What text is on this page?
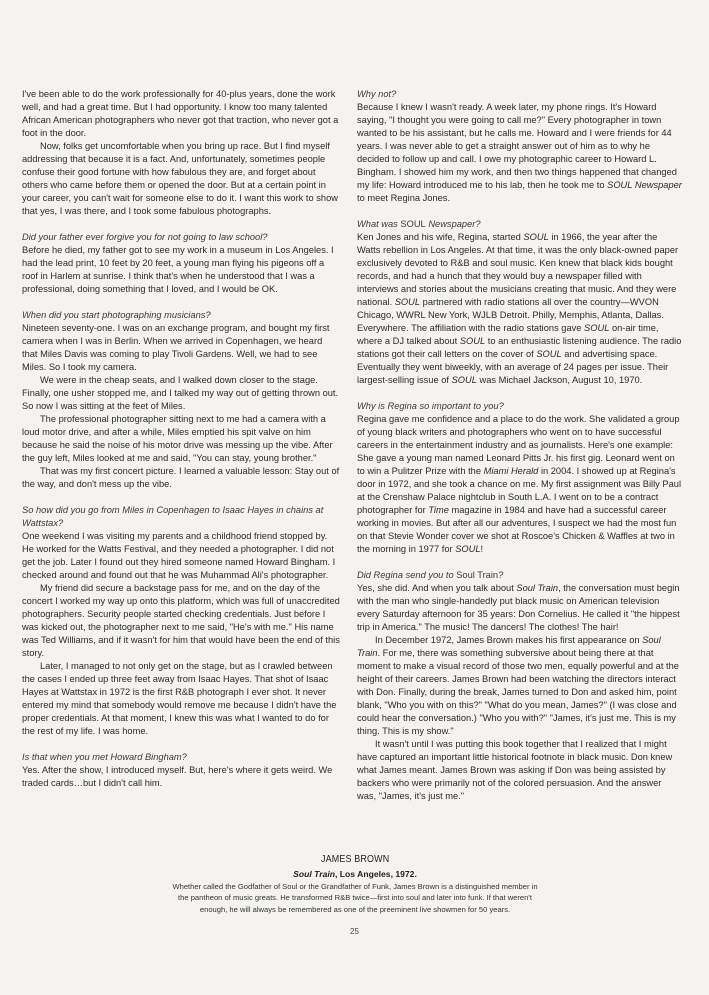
I've been able to do the work professionally for 40-plus years, done the work well, and had a great time. But I had opportunity. I know too many talented African American photographers who never got that traction, who never got a foot in the door.

Now, folks get uncomfortable when you bring up race. But I find myself addressing that because it is a fact. And, unfortunately, sometimes people confuse their good fortune with how fabulous they are, and forget about others who came before them or opened the door. But at a certain point in your career, you can't wait for someone else to do it. I want this work to show that yes, I was there, and I took some fabulous photographs.

Did your father ever forgive you for not going to law school?

Before he died, my father got to see my work in a museum in Los Angeles. I had the lead print, 10 feet by 20 feet, a young man flying his pigeons off a roof in Harlem at sunrise. I think that's when he understood that I was a professional, doing something that I loved, and I would be OK.

When did you start photographing musicians?

Nineteen seventy-one. I was on an exchange program, and bought my first camera when I was in Berlin. When we arrived in Copenhagen, we heard that Miles Davis was coming to play Tivoli Gardens. Well, we had to see Miles. So I took my camera.

We were in the cheap seats, and I walked down closer to the stage. Finally, one usher stopped me, and I talked my way out of getting thrown out. So now I was sitting at the feet of Miles.

The professional photographer sitting next to me had a camera with a loud motor drive, and after a while, Miles emptied his spit valve on him because he said the noise of his motor drive was messing up the vibe. After the guy left, Miles looked at me and said, "You can stay, young brother."

That was my first concert picture. I learned a valuable lesson: Stay out of the way, and don't mess up the vibe.

So how did you go from Miles in Copenhagen to Isaac Hayes in chains at Wattstax?

One weekend I was visiting my parents and a childhood friend stopped by. He worked for the Watts Festival, and they needed a photographer. I did not get the job. Later I found out they hired someone named Howard Bingham. I checked around and found out that he was Muhammad Ali's photographer.

My friend did secure a backstage pass for me, and on the day of the concert I worked my way up onto this platform, which was full of unaccredited photographers. Security people started checking credentials. Just before I was kicked out, the photographer next to me said, "He's with me." His name was Ted Williams, and if it wasn't for him that would have been the end of this story.

Later, I managed to not only get on the stage, but as I crawled between the cases I ended up three feet away from Isaac Hayes. That shot of Isaac Hayes at Wattstax in 1972 is the first R&B photograph I ever shot. It never entered my mind that somebody would remove me because I didn't have the proper credentials. At that moment, I knew this was what I wanted to do for the rest of my life. I was home.

Is that when you met Howard Bingham?

Yes. After the show, I introduced myself. But, here's where it gets weird. We traded cards…but I didn't call him.

Why not?

Because I knew I wasn't ready. A week later, my phone rings. It's Howard saying, "I thought you were going to call me?" Every photographer in town wanted to be his assistant, but he calls me. Howard and I were friends for 44 years. I was never able to get a straight answer out of him as to why he decided to follow up and call. I owe my photographic career to Howard L. Bingham. I showed him my work, and then two things happened that changed my life: Howard introduced me to his lab, then he took me to SOUL Newspaper to meet Regina Jones.

What was SOUL Newspaper?

Ken Jones and his wife, Regina, started SOUL in 1966, the year after the Watts rebellion in Los Angeles. At that time, it was the only black-owned paper exclusively devoted to R&B and soul music. Ken knew that black kids bought records, and had a hunch that they would buy a newspaper filled with interviews and stories about the musicians creating that music. And they were national. SOUL partnered with radio stations all over the country—WVON Chicago, WWRL New York, WJLB Detroit. Philly, Memphis, Atlanta, Dallas. Everywhere. The affiliation with the radio stations gave SOUL on-air time, where a DJ talked about SOUL to an enthusiastic listening audience. The radio stations got their call letters on the cover of SOUL and advertising space. Eventually they went biweekly, with an average of 24 pages per issue. Their largest-selling issue of SOUL was Michael Jackson, August 10, 1970.

Why is Regina so important to you?

Regina gave me confidence and a place to do the work. She validated a group of young black writers and photographers who went on to have successful careers in the entertainment industry and as journalists. Here's one example: She gave a young man named Leonard Pitts Jr. his first gig. Leonard went on to win a Pulitzer Prize with the Miami Herald in 2004. I showed up at Regina's door in 1972, and she took a chance on me. My first assignment was Billy Paul at the Crenshaw Palace nightclub in South L.A. I went on to be a contract photographer for Time magazine in 1984 and have had a successful career working in movies. But after all our adventures, I suspect we had the most fun on that Stevie Wonder cover we shot at Roscoe's Chicken & Waffles at two in the morning in 1977 for SOUL!

Did Regina send you to Soul Train?

Yes, she did. And when you talk about Soul Train, the conversation must begin with the man who single-handedly put black music on American television every Saturday afternoon for 35 years: Don Cornelius. He called it "the hippest trip in America." The music! The dancers! The clothes! The hair!

In December 1972, James Brown makes his first appearance on Soul Train. For me, there was something subversive about being there at that moment to make a visual record of those two men, equally powerful and at the height of their careers. James Brown had been watching the directors interact with Don. Finally, during the break, James turned to Don and asked him, point blank, "Who you with on this?" "What do you mean, James?" (I was close and could hear the conversation.) "Who you with?" "James, it's just me. This is my thing. This is my show."

It wasn't until I was putting this book together that I realized that I might have captured an important little historical footnote in black music. Don knew what James meant. James Brown was asking if Don was being assisted by backers who were primarily not of the colored persuasion. And the answer was, "James, it's just me."

JAMES BROWN
Soul Train, Los Angeles, 1972.
Whether called the Godfather of Soul or the Grandfather of Funk, James Brown is a distinguished member in the pantheon of music greats. He transformed R&B twice—first into soul and later into funk. If that weren't enough, he will always be remembered as one of the preeminent live showmen for 50 years.
25
